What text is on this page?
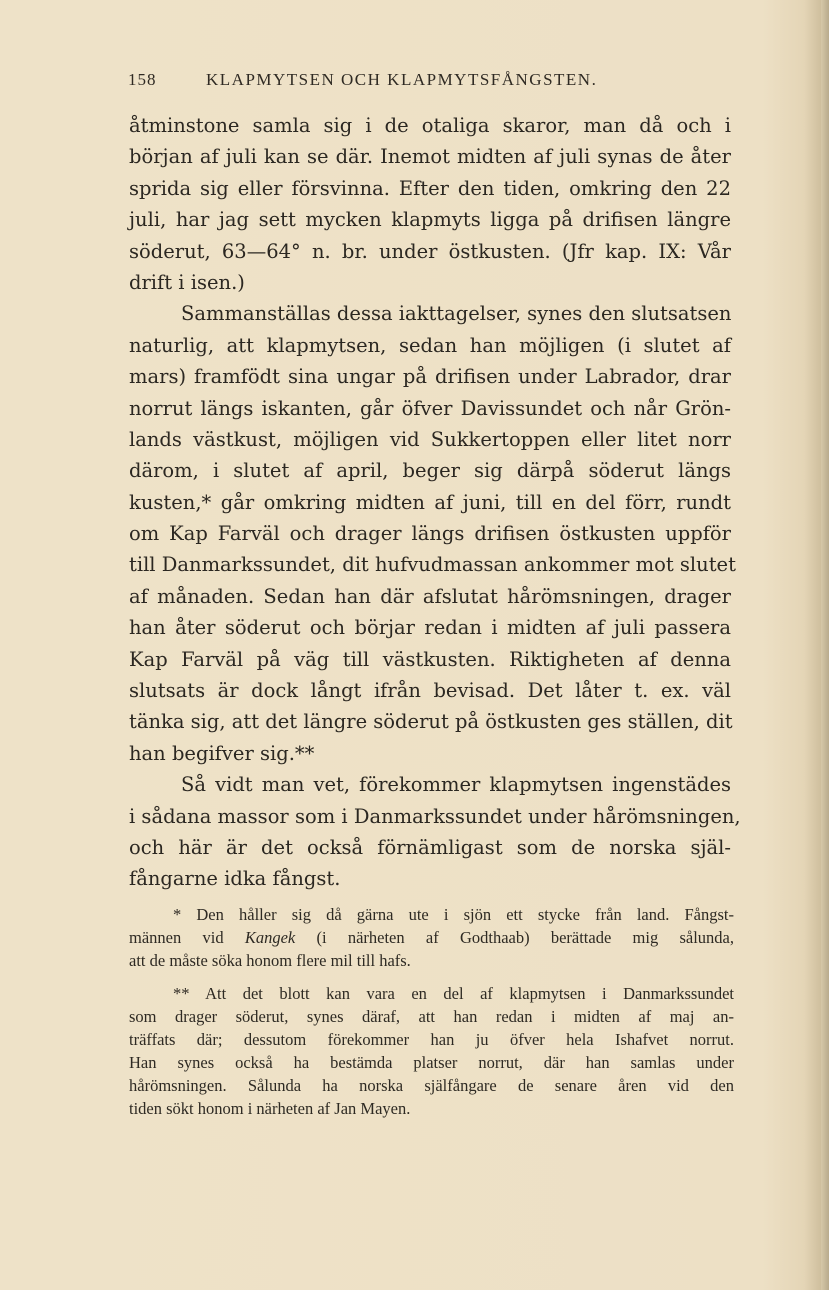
158	KLAPMYTSEN OCH KLAPMYTSFÅNGSTEN.
åtminstone samla sig i de otaliga skaror, man då och i
början af juli kan se där. Inemot midten af juli synas de åter
sprida sig eller försvinna. Efter den tiden, omkring den 22
juli, har jag sett mycken klapmyts ligga på drifisen längre
söderut, 63—64° n. br. under östkusten. (Jfr kap. IX: Vår
drift i isen.)
Sammanställas dessa iakttagelser, synes den slutsatsen
naturlig, att klapmytsen, sedan han möjligen (i slutet af
mars) framfödt sina ungar på drifisen under Labrador, drar
norrut längs iskanten, går öfver Davissundet och når Grön-
lands västkust, möjligen vid Sukkertoppen eller litet norr
därom, i slutet af april, beger sig därpå söderut längs
kusten,* går omkring midten af juni, till en del förr, rundt
om Kap Farväl och drager längs drifisen östkusten uppför
till Danmarkssundet, dit hufvudmassan ankommer mot slutet
af månaden. Sedan han där afslutat hårömsningen, drager
han åter söderut och börjar redan i midten af juli passera
Kap Farväl på väg till västkusten. Riktigheten af denna
slutsats är dock långt ifrån bevisad. Det låter t. ex. väl
tänka sig, att det längre söderut på östkusten ges ställen, dit
han begifver sig.**
Så vidt man vet, förekommer klapmytsen ingenstädes
i sådana massor som i Danmarkssundet under hårömsningen,
och här är det också förnämligast som de norska själ-
fångarne idka fångst.
* Den håller sig då gärna ute i sjön ett stycke från land. Fångst-
männen vid Kangek (i närheten af Godthaab) berättade mig sålunda,
att de måste söka honom flere mil till hafs.
** Att det blott kan vara en del af klapmytsen i Danmarkssundet
som drager söderut, synes däraf, att han redan i midten af maj an-
träffats där; dessutom förekommer han ju öfver hela Ishafvet norrut.
Han synes också ha bestämda platser norrut, där han samlas under
hårömsningen. Sålunda ha norska själfångare de senare åren vid den
tiden sökt honom i närheten af Jan Mayen.
